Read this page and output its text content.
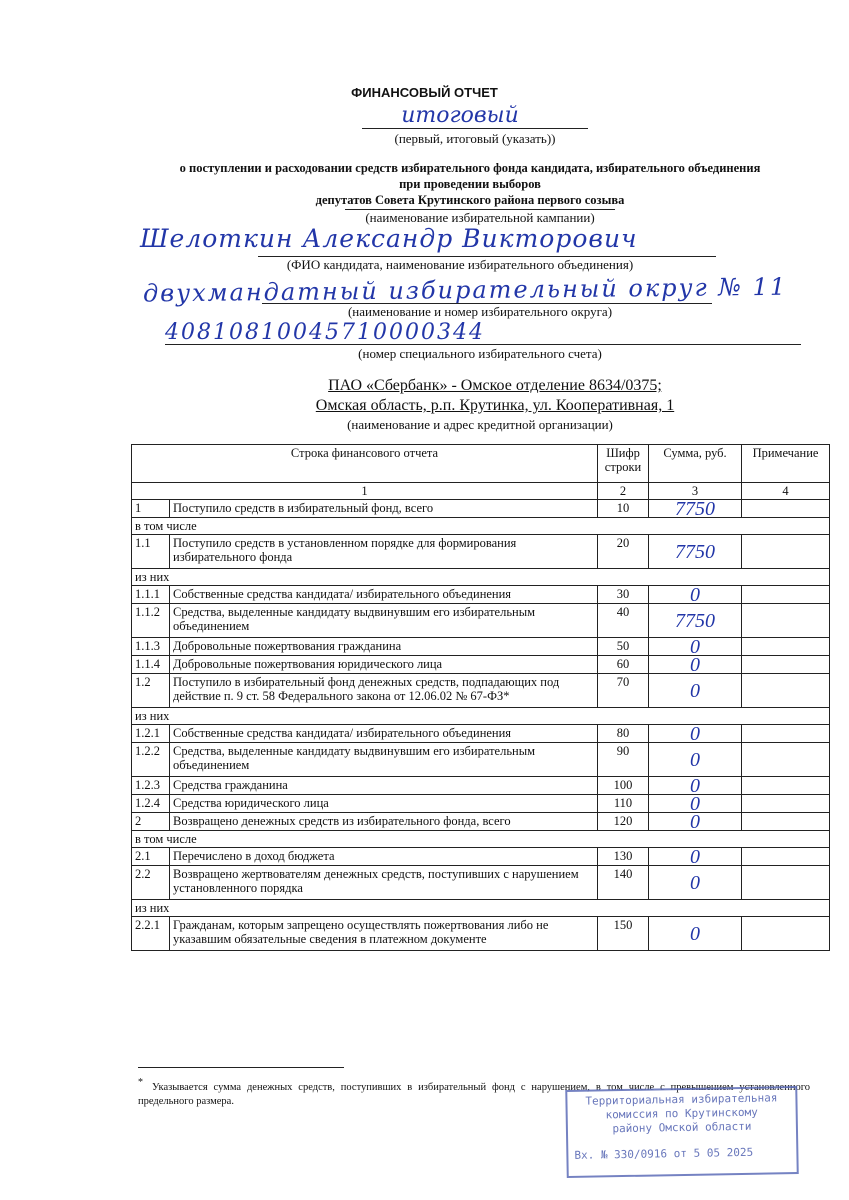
ФИНАНСОВЫЙ ОТЧЕТ
итоговый
(первый, итоговый (указать))
о поступлении и расходовании средств избирательного фонда кандидата, избирательного объединения
при проведении выборов
депутатов Совета Крутинского района первого созыва
(наименование избирательной кампании)
Шелоткин Александр Викторович
(ФИО кандидата, наименование избирательного объединения)
двухмандатный избирательный округ № 11
(наименование и номер избирательного округа)
40810810045710000344
(номер специального избирательного счета)
ПАО «Сбербанк» - Омское отделение 8634/0375;
Омская область, р.п. Крутинка, ул. Кооперативная, 1
(наименование и адрес кредитной организации)
Строка финансового отчета		Шифр строки	Сумма, руб.	Примечание
1		2	3	4
1	Поступило средств в избирательный фонд, всего	10	7750	
в том числе				
1.1	Поступило средств в установленном порядке для формирования избирательного фонда	20	7750	
из них				
1.1.1	Собственные средства кандидата/ избирательного объединения	30	0	
1.1.2	Средства, выделенные кандидату выдвинувшим его избирательным объединением	40	7750	
1.1.3	Добровольные пожертвования гражданина	50	0	
1.1.4	Добровольные пожертвования юридического лица	60	0	
1.2	Поступило в избирательный фонд денежных средств, подпадающих под действие п. 9 ст. 58 Федерального закона от 12.06.02 № 67-ФЗ*	70	0	
из них				
1.2.1	Собственные средства кандидата/ избирательного объединения	80	0	
1.2.2	Средства, выделенные кандидату выдвинувшим его избирательным объединением	90	0	
1.2.3	Средства гражданина	100	0	
1.2.4	Средства юридического лица	110	0	
2	Возвращено денежных средств из избирательного фонда, всего	120	0	
в том числе				
2.1	Перечислено в доход бюджета	130	0	
2.2	Возвращено жертвователям денежных средств, поступивших с нарушением установленного порядка	140	0	
из них				
2.2.1	Гражданам, которым запрещено осуществлять пожертвования либо не указавшим обязательные сведения в платежном документе	150	0	
* Указывается сумма денежных средств, поступивших в избирательный фонд с нарушением, в том числе с превышением установленного предельного размера.	Территориальная избирательная
комиссия по Крутинскому
району Омской области
Вх. № 330/0916 от 5 05 2025
